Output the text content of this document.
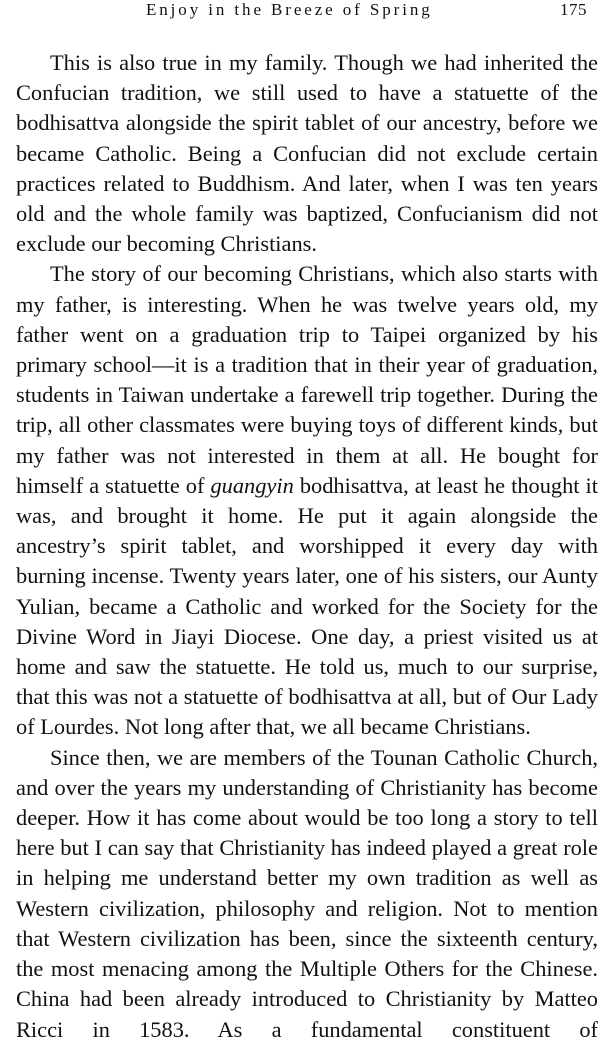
Enjoy in the Breeze of Spring	175

This is also true in my family. Though we had inherited the Confucian tradition, we still used to have a statuette of the bodhisattva alongside the spirit tablet of our ancestry, before we became Catholic. Being a Confucian did not exclude certain practices related to Buddhism. And later, when I was ten years old and the whole family was baptized, Confucianism did not exclude our becoming Christians.

The story of our becoming Christians, which also starts with my father, is interesting. When he was twelve years old, my father went on a graduation trip to Taipei organized by his primary school—it is a tradition that in their year of graduation, students in Taiwan undertake a farewell trip together. During the trip, all other classmates were buying toys of different kinds, but my father was not interested in them at all. He bought for himself a statuette of guangyin bodhisattva, at least he thought it was, and brought it home. He put it again alongside the ancestry’s spirit tablet, and worshipped it every day with burning incense. Twenty years later, one of his sisters, our Aunty Yulian, became a Catholic and worked for the Society for the Divine Word in Jiayi Diocese. One day, a priest visited us at home and saw the statuette. He told us, much to our surprise, that this was not a statuette of bodhisattva at all, but of Our Lady of Lourdes. Not long after that, we all became Christians.

Since then, we are members of the Tounan Catholic Church, and over the years my understanding of Christianity has become deeper. How it has come about would be too long a story to tell here but I can say that Christianity has indeed played a great role in helping me understand better my own tradition as well as Western civilization, philosophy and religion. Not to mention that Western civilization has been, since the sixteenth century, the most menacing among the Multiple Others for the Chinese. China had been already introduced to Christianity by Matteo Ricci in 1583. As a fundamental constituent of
